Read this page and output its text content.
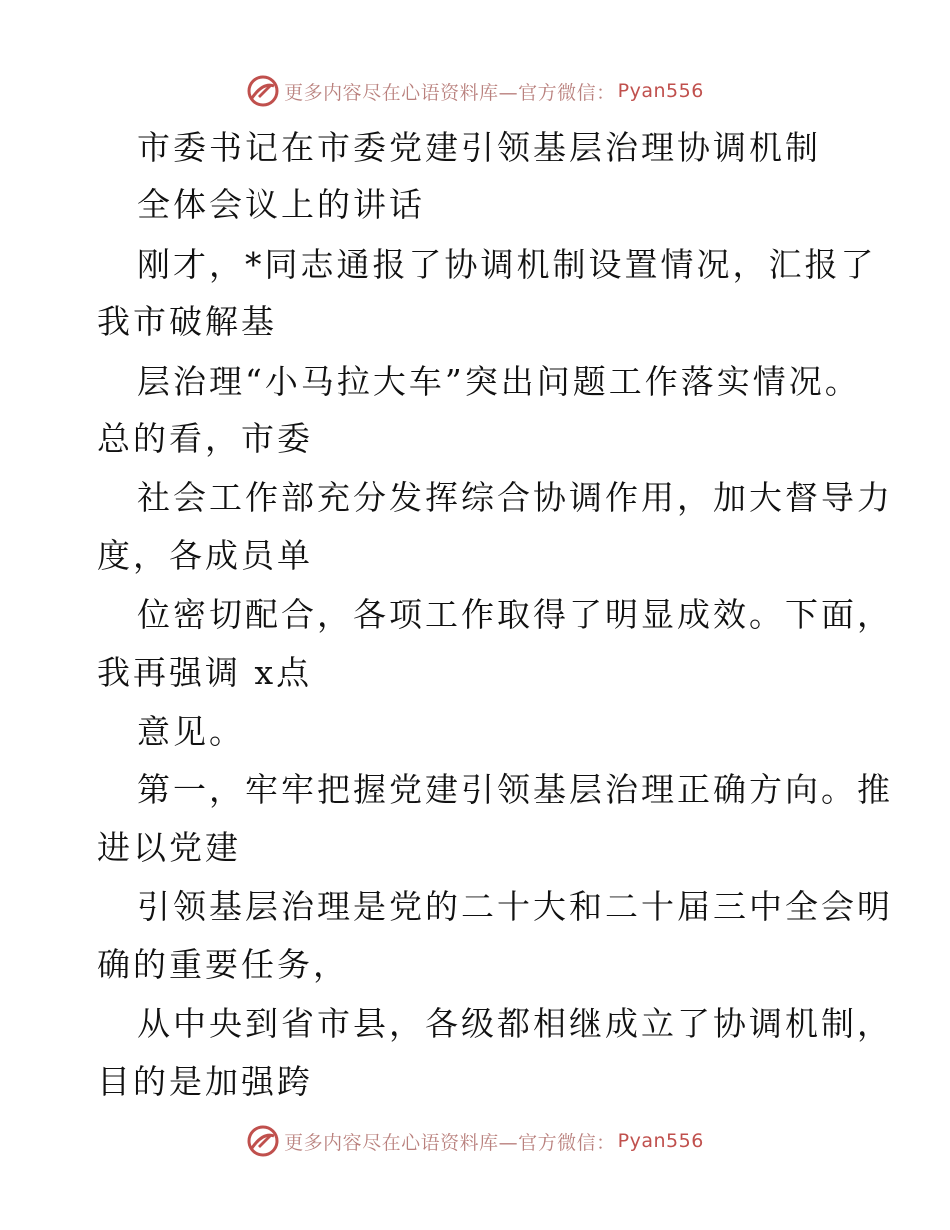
更多内容尽在心语资料库—官方微信： Pyan556
市委书记在市委党建引领基层治理协调机制
全体会议上的讲话
刚才，*同志通报了协调机制设置情况，汇报了
我市破解基
层治理“小马拉大车”突出问题工作落实情况。
总的看，市委
社会工作部充分发挥综合协调作用，加大督导力
度，各成员单
位密切配合，各项工作取得了明显成效。下面，
我再强调 x点
意见。
第一，牢牢把握党建引领基层治理正确方向。推
进以党建
引领基层治理是党的二十大和二十届三中全会明
确的重要任务，
从中央到省市县，各级都相继成立了协调机制，
目的是加强跨
更多内容尽在心语资料库—官方微信： Pyan556
